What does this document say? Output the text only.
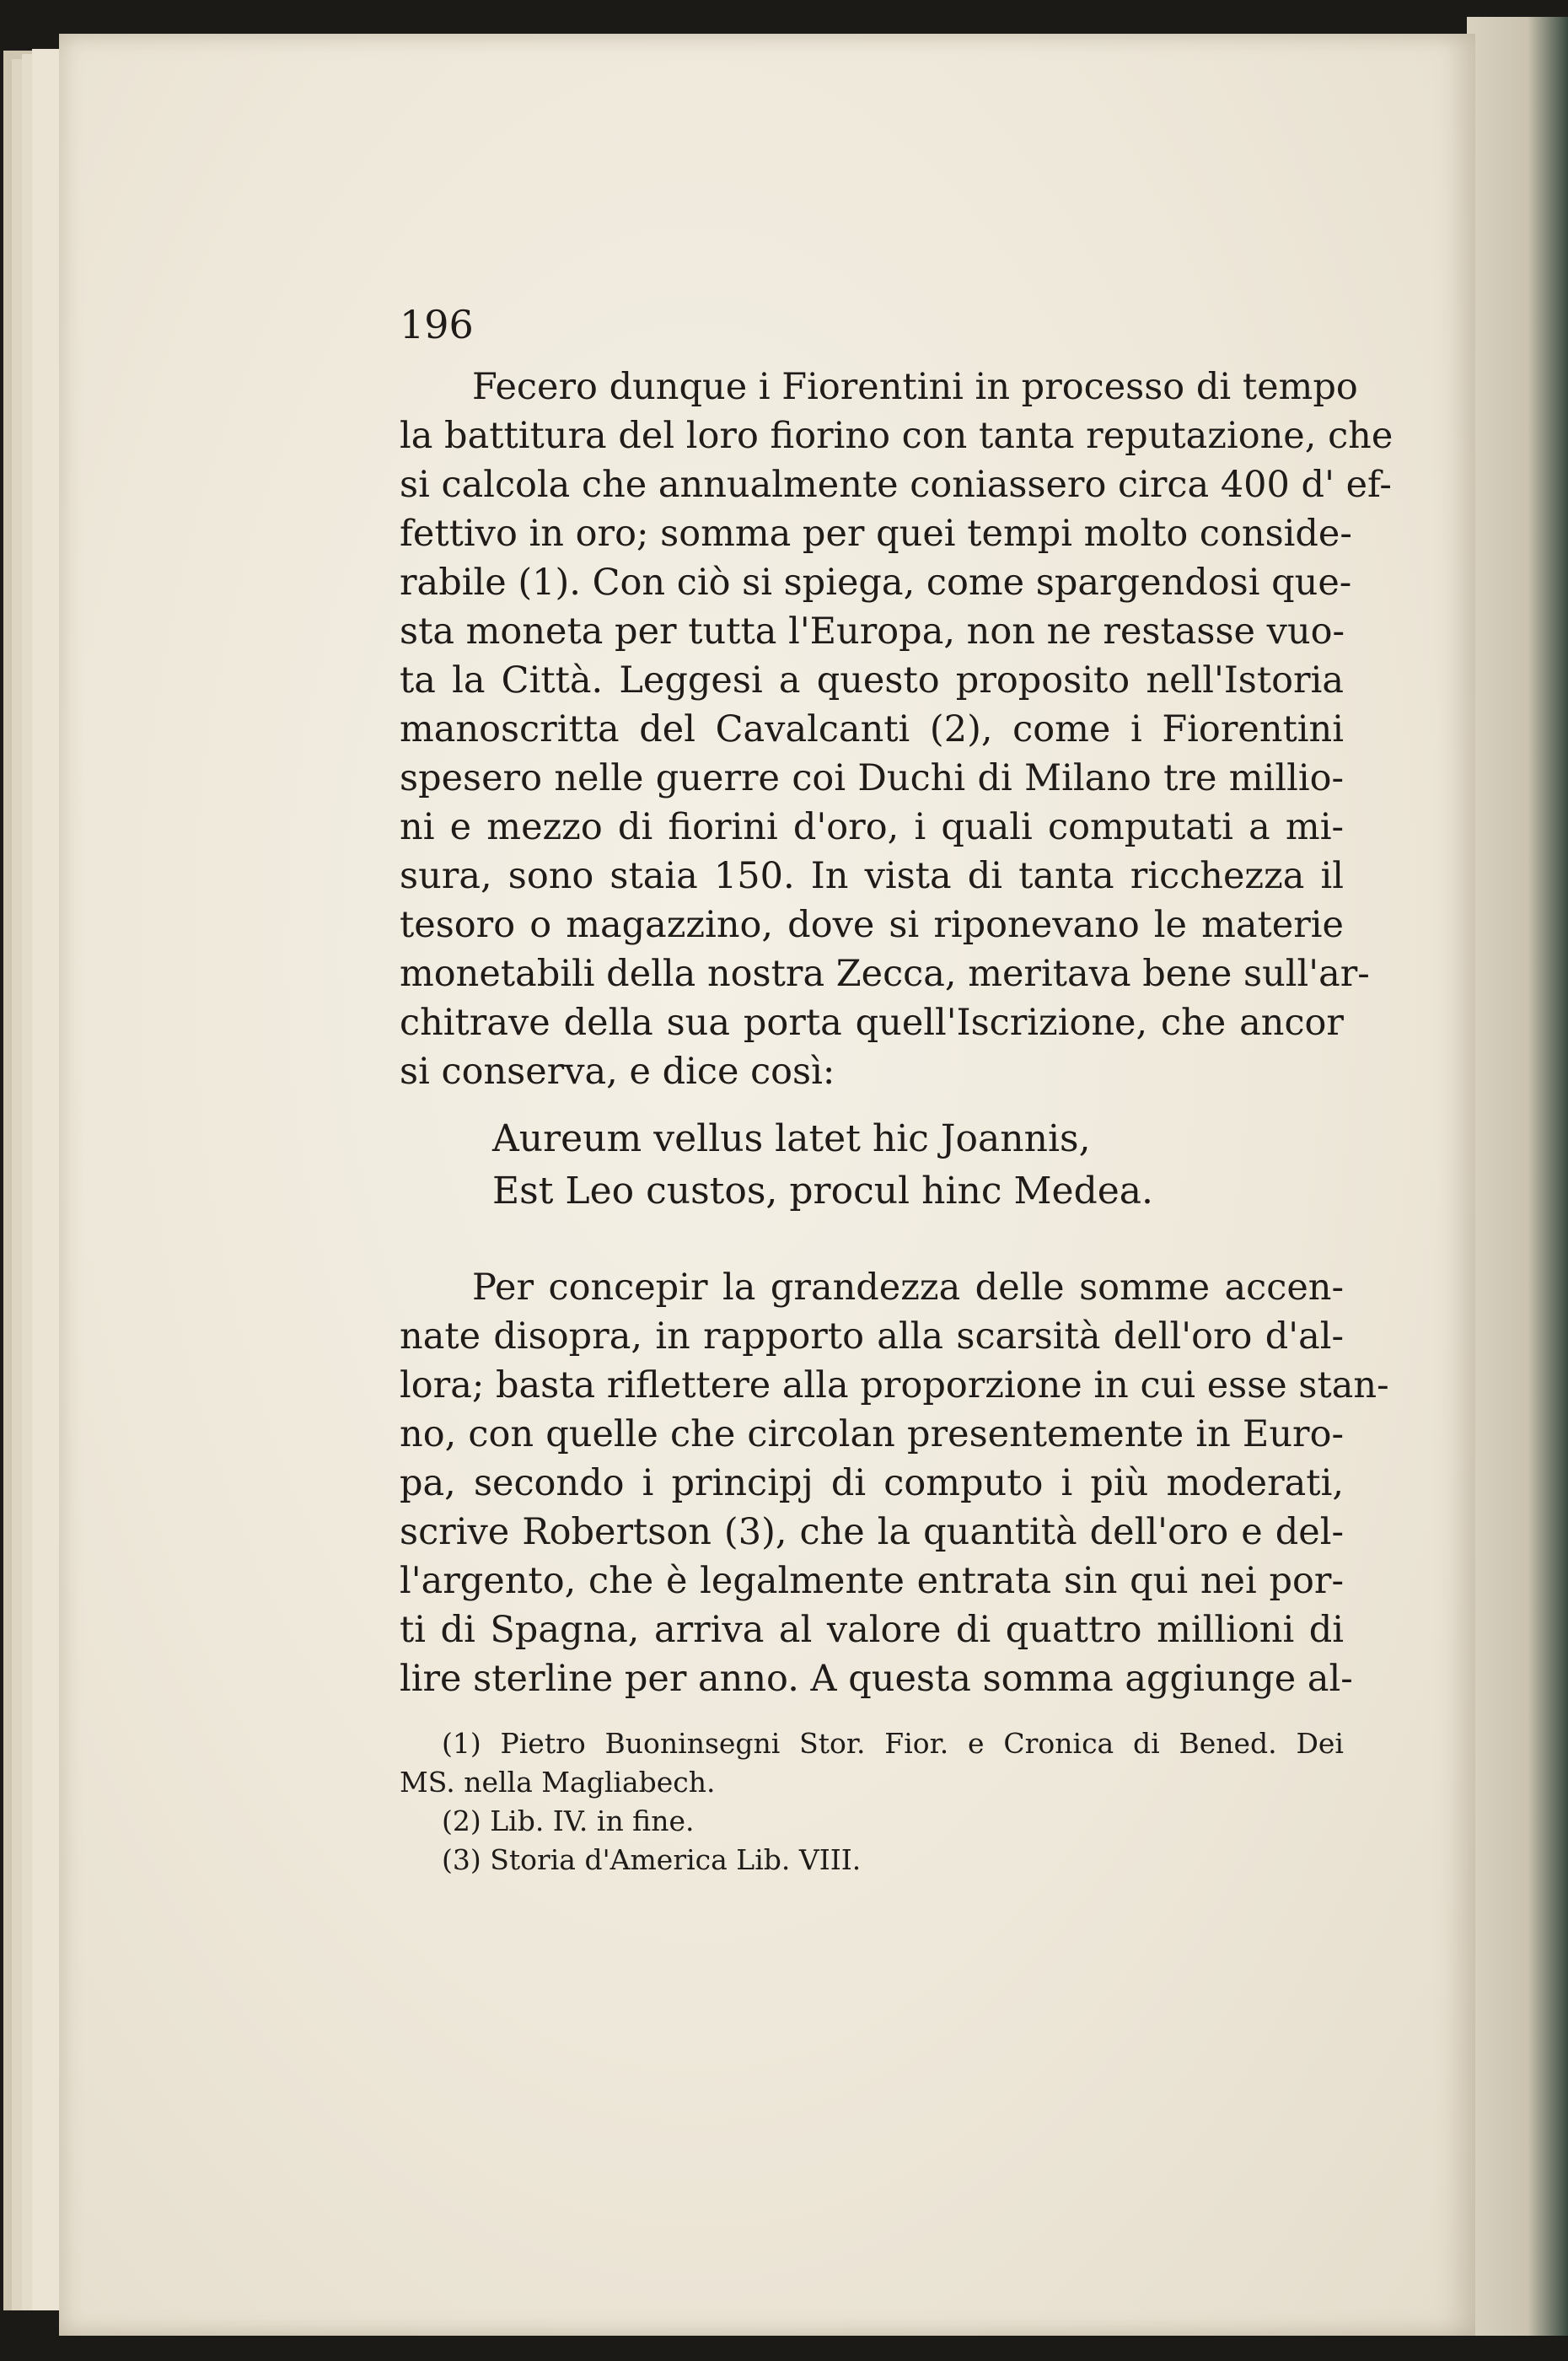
196
Fecero dunque i Fiorentini in processo di tempo
la battitura del loro fiorino con tanta reputazione, che
si calcola che annualmente coniassero circa 400 d' ef-
fettivo in oro; somma per quei tempi molto conside-
rabile (1). Con ciò si spiega, come spargendosi que-
sta moneta per tutta l'Europa, non ne restasse vuo-
ta la Città. Leggesi a questo proposito nell'Istoria
manoscritta del Cavalcanti (2), come i Fiorentini
spesero nelle guerre coi Duchi di Milano tre millio-
ni e mezzo di fiorini d'oro, i quali computati a mi-
sura, sono staia 150. In vista di tanta ricchezza il
tesoro o magazzino, dove si riponevano le materie
monetabili della nostra Zecca, meritava bene sull'ar-
chitrave della sua porta quell'Iscrizione, che ancor
si conserva, e dice così:
Aureum vellus latet hic Joannis,
Est Leo custos, procul hinc Medea.
Per concepir la grandezza delle somme accen-
nate disopra, in rapporto alla scarsità dell'oro d'al-
lora; basta riflettere alla proporzione in cui esse stan-
no, con quelle che circolan presentemente in Euro-
pa, secondo i principj di computo i più moderati,
scrive Robertson (3), che la quantità dell'oro e del-
l'argento, che è legalmente entrata sin qui nei por-
ti di Spagna, arriva al valore di quattro millioni di
lire sterline per anno. A questa somma aggiunge al-
(1) Pietro Buoninsegni Stor. Fior. e Cronica di Bened. Dei
MS. nella Magliabech.
(2) Lib. IV. in fine.
(3) Storia d'America Lib. VIII.
